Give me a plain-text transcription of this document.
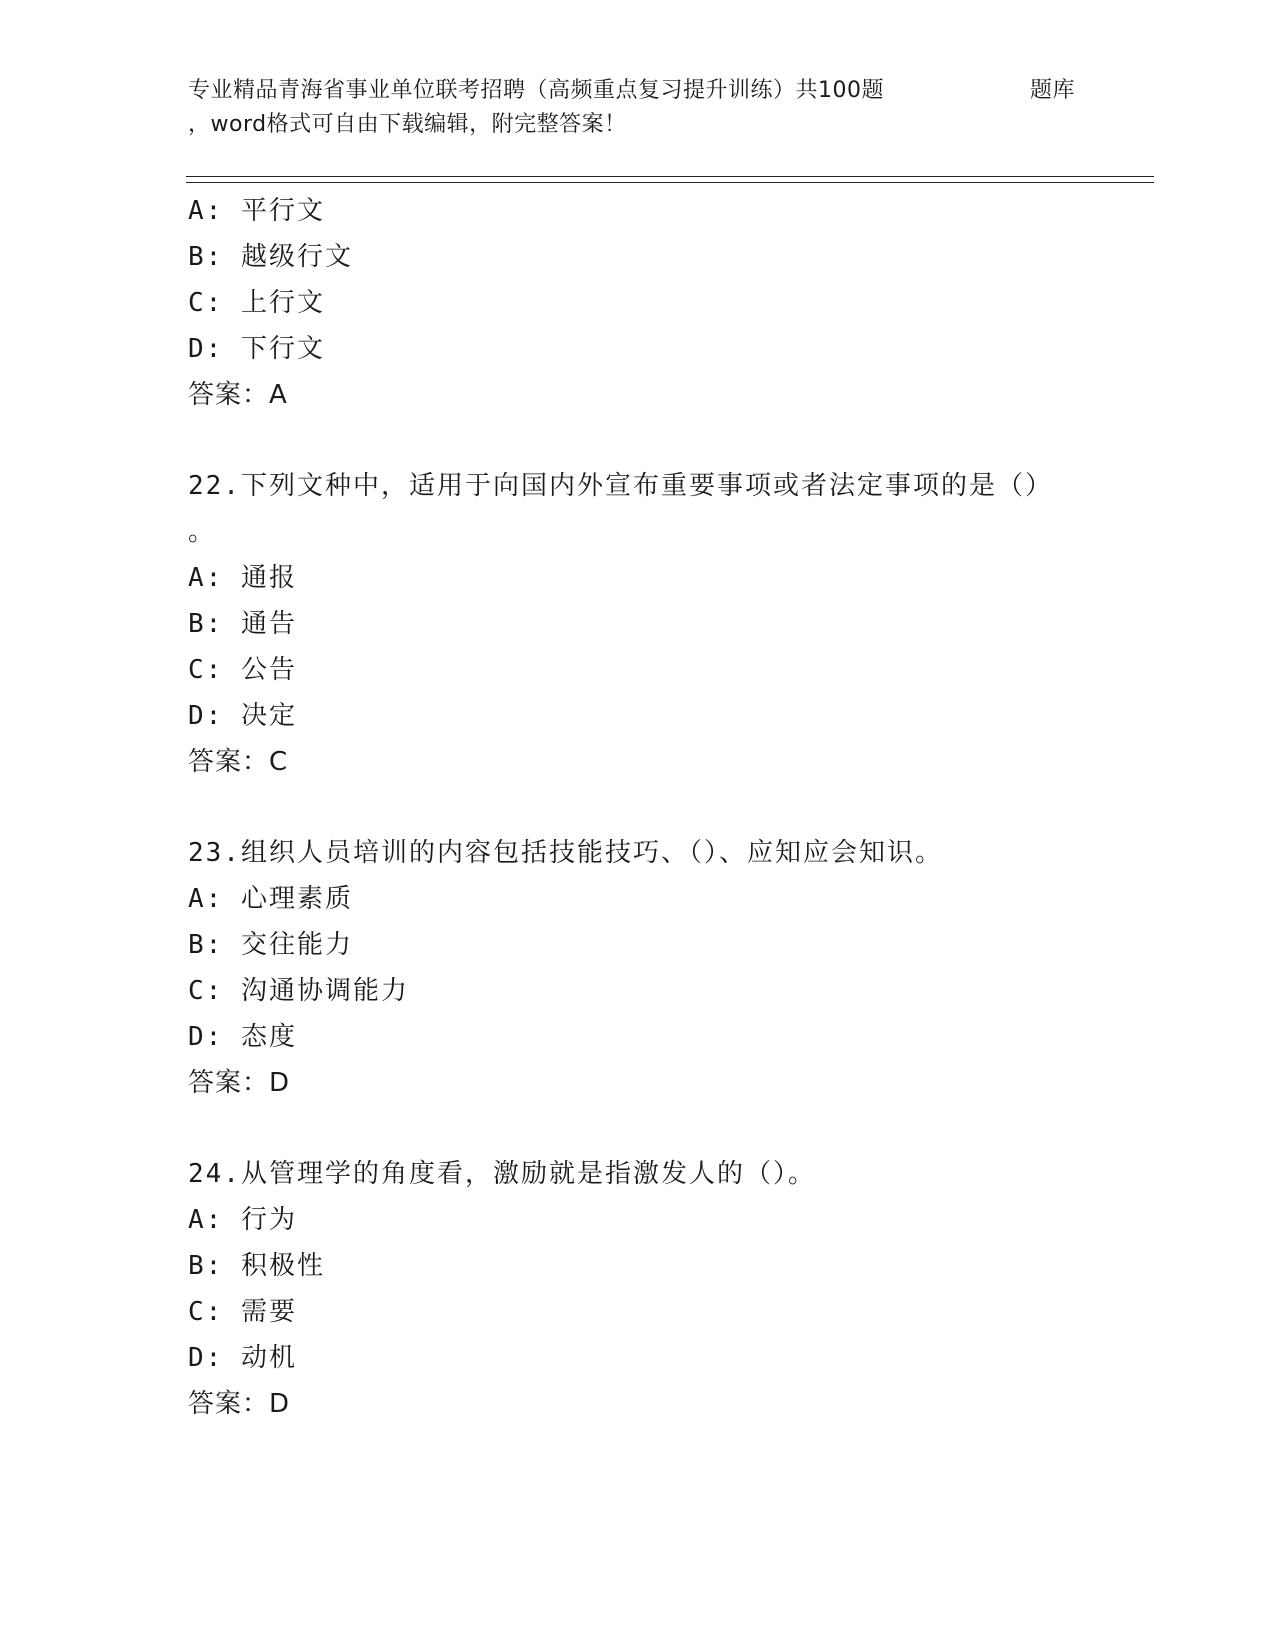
专业精品青海省事业单位联考招聘（高频重点复习提升训练）共100题	题库
，word格式可自由下载编辑，附完整答案！
A: 平行文
B: 越级行文
C: 上行文
D: 下行文
答案：A
22.下列文种中，适用于向国内外宣布重要事项或者法定事项的是（）
。
A: 通报
B: 通告
C: 公告
D: 决定
答案：C
23.组织人员培训的内容包括技能技巧、（）、应知应会知识。
A: 心理素质
B: 交往能力
C: 沟通协调能力
D: 态度
答案：D
24.从管理学的角度看，激励就是指激发人的（）。
A: 行为
B: 积极性
C: 需要
D: 动机
答案：D
